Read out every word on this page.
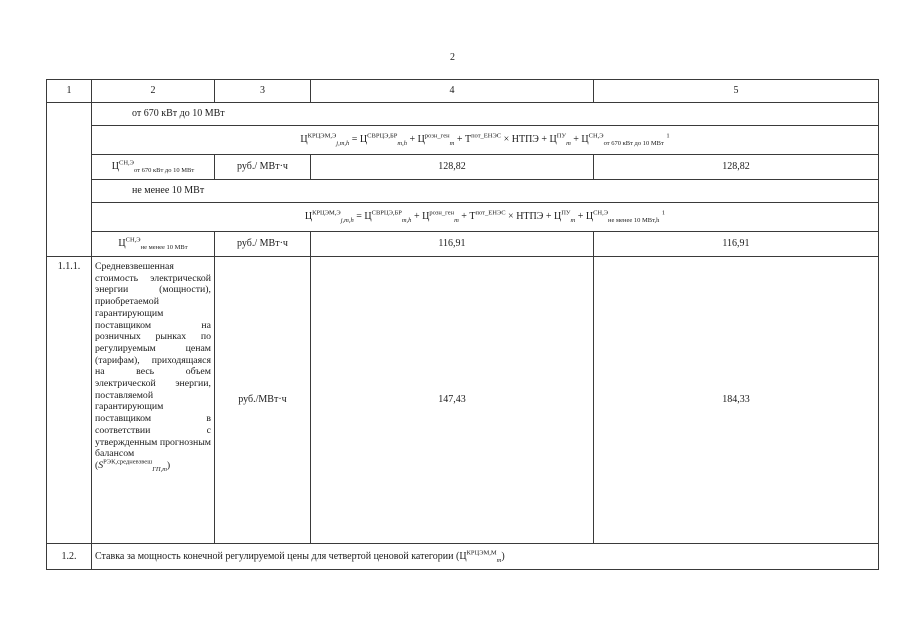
2
1	2	3	4	5
	от 670 кВт до 10 МВт			
	$Ц^{КРЦЭМ,Э}_{j,m,h} = Ц^{СВРЦЭ,БР}_{m,h} + Ц^{розн\_ген}_m + Т^{пот\_ЕНЭС}$ × НТПЭ + $Ц^{ПУ}_m + Ц^{СН,Э}_{от 670 кВт до 10 МВт}$ $^1$
	$Ц^{СН,Э}_{от 670 кВт до 10 МВт}$	руб./ МВт·ч	128,82	128,82
	не менее 10 МВт			
	$Ц^{КРЦЭМ,Э}_{j,m,h} = Ц^{СВРЦЭ,БР}_{m,h} + Ц^{розн\_ген}_m + Т^{пот\_ЕНЭС}$ × НТПЭ + $Ц^{ПУ}_m + Ц^{СН,Э}_{не менее 10 МВт,h}$ $^1$
	$Ц^{СН,Э}_{не менее 10 МВт}$	руб./ МВт·ч	116,91	116,91
1.1.1.	Средневзвешенная стоимость электрической энергии (мощности), приобретаемой гарантирующим поставщиком на розничных рынках по регулируемым ценам (тарифам), приходящаяся на весь объем электрической энергии, поставляемой гарантирующим поставщиком в соответствии с утвержденным прогнозным балансом $(S^{РЭК,средневзвеш}_{ГП,m})$	руб./МВт·ч	147,43	184,33
1.2.	Ставка за мощность конечной регулируемой цены для четвертой ценовой категории $(Ц^{КРЦЭМ,М}_m)$			
